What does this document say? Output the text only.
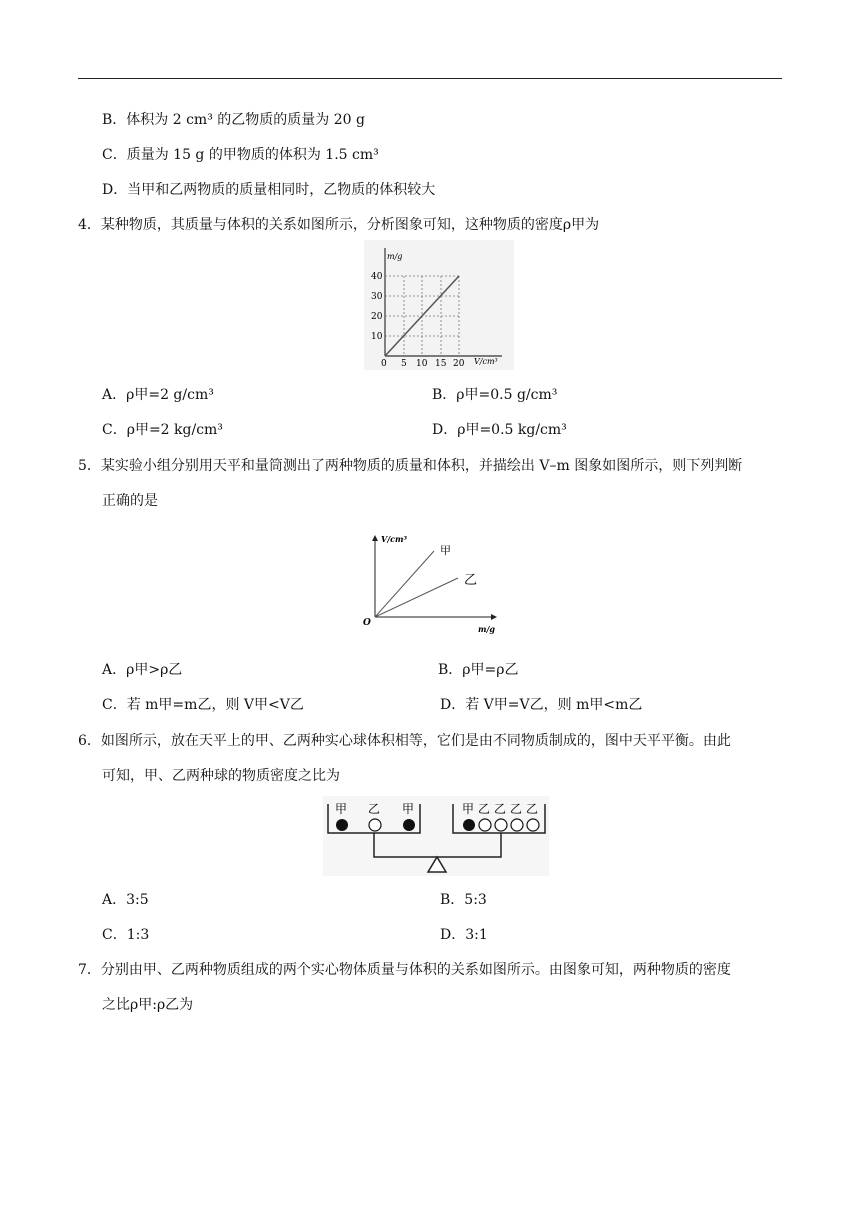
B．体积为 2 cm³ 的乙物质的质量为 20 g
C．质量为 15 g 的甲物质的体积为 1.5 cm³
D．当甲和乙两物质的质量相同时，乙物质的体积较大
4．某种物质，其质量与体积的关系如图所示，分析图象可知，这种物质的密度ρ甲为
m/g
40
30
20
10
0 5 10 15 20 V/cm³
A．ρ甲=2 g/cm³	B．ρ甲=0.5 g/cm³
C．ρ甲=2 kg/cm³	D．ρ甲=0.5 kg/cm³
5．某实验小组分别用天平和量筒测出了两种物质的质量和体积，并描绘出 V–m 图象如图所示，则下列判断
正确的是
V/cm³
甲
乙
O
m/g
A．ρ甲>ρ乙	B．ρ甲=ρ乙
C．若 m甲=m乙，则 V甲<V乙	D．若 V甲=V乙，则 m甲<m乙
6．如图所示，放在天平上的甲、乙两种实心球体积相等，它们是由不同物质制成的，图中天平平衡。由此
可知，甲、乙两种球的物质密度之比为
甲 乙 甲	甲 乙 乙 乙 乙
A．3:5	B．5:3
C．1:3	D．3:1
7．分别由甲、乙两种物质组成的两个实心物体质量与体积的关系如图所示。由图象可知，两种物质的密度
之比ρ甲:ρ乙为
